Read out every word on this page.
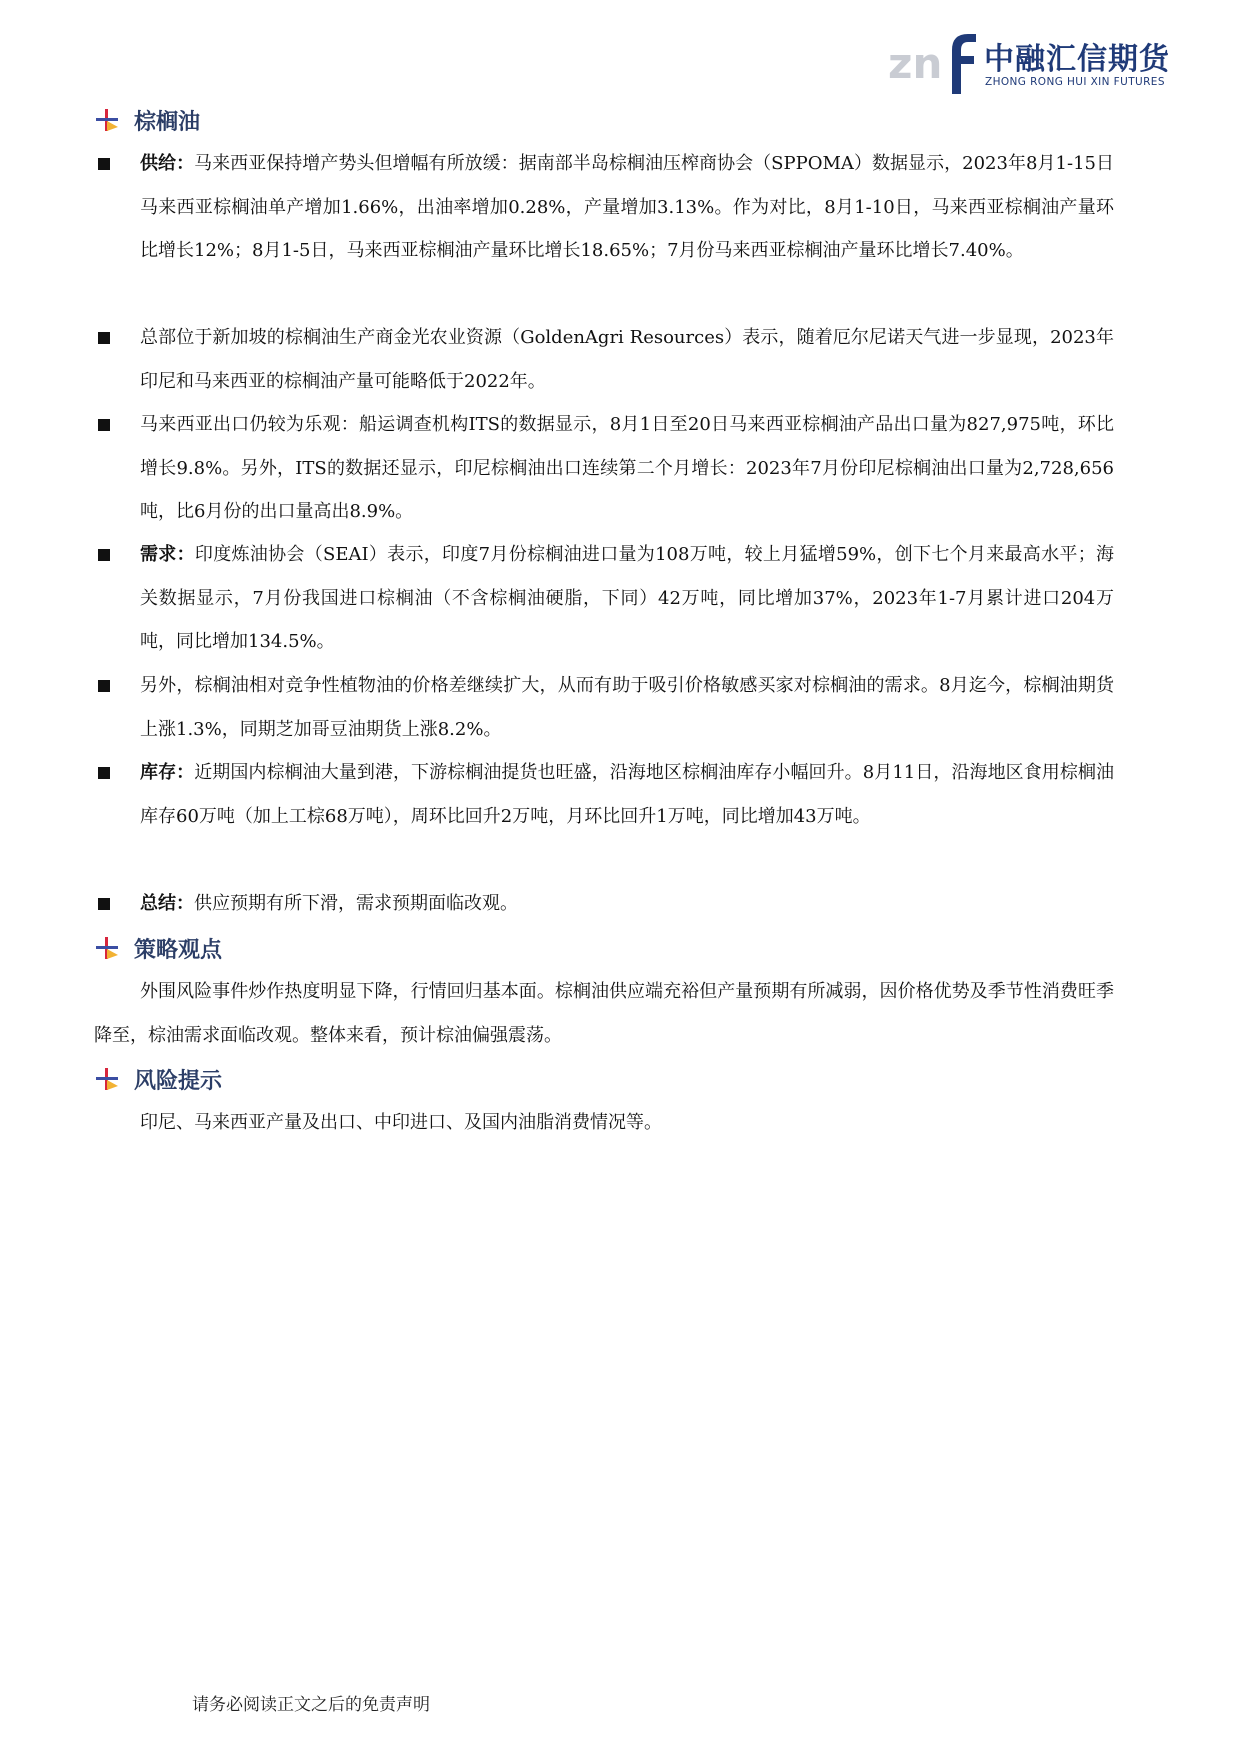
zn 中融汇信期货
ZHONG RONG HUI XIN FUTURES
棕榈油
供给：马来西亚保持增产势头但增幅有所放缓：据南部半岛棕榈油压榨商协会（SPPOMA）数据显示，2023年8月1-15日马来西亚棕榈油单产增加1.66%，出油率增加0.28%，产量增加3.13%。作为对比，8月1-10日，马来西亚棕榈油产量环比增长12%；8月1-5日，马来西亚棕榈油产量环比增长18.65%；7月份马来西亚棕榈油产量环比增长7.40%。
总部位于新加坡的棕榈油生产商金光农业资源（GoldenAgri Resources）表示，随着厄尔尼诺天气进一步显现，2023年印尼和马来西亚的棕榈油产量可能略低于2022年。
马来西亚出口仍较为乐观：船运调查机构ITS的数据显示，8月1日至20日马来西亚棕榈油产品出口量为827,975吨，环比增长9.8%。另外，ITS的数据还显示，印尼棕榈油出口连续第二个月增长：2023年7月份印尼棕榈油出口量为2,728,656吨，比6月份的出口量高出8.9%。
需求：印度炼油协会（SEAI）表示，印度7月份棕榈油进口量为108万吨，较上月猛增59%，创下七个月来最高水平；海关数据显示，7月份我国进口棕榈油（不含棕榈油硬脂，下同）42万吨，同比增加37%，2023年1-7月累计进口204万吨，同比增加134.5%。
另外，棕榈油相对竞争性植物油的价格差继续扩大，从而有助于吸引价格敏感买家对棕榈油的需求。8月迄今，棕榈油期货上涨1.3%，同期芝加哥豆油期货上涨8.2%。
库存：近期国内棕榈油大量到港，下游棕榈油提货也旺盛，沿海地区棕榈油库存小幅回升。8月11日，沿海地区食用棕榈油库存60万吨（加上工棕68万吨），周环比回升2万吨，月环比回升1万吨，同比增加43万吨。
总结：供应预期有所下滑，需求预期面临改观。
策略观点
外围风险事件炒作热度明显下降，行情回归基本面。棕榈油供应端充裕但产量预期有所减弱，因价格优势及季节性消费旺季降至，棕油需求面临改观。整体来看，预计棕油偏强震荡。
风险提示
印尼、马来西亚产量及出口、中印进口、及国内油脂消费情况等。
请务必阅读正文之后的免责声明
